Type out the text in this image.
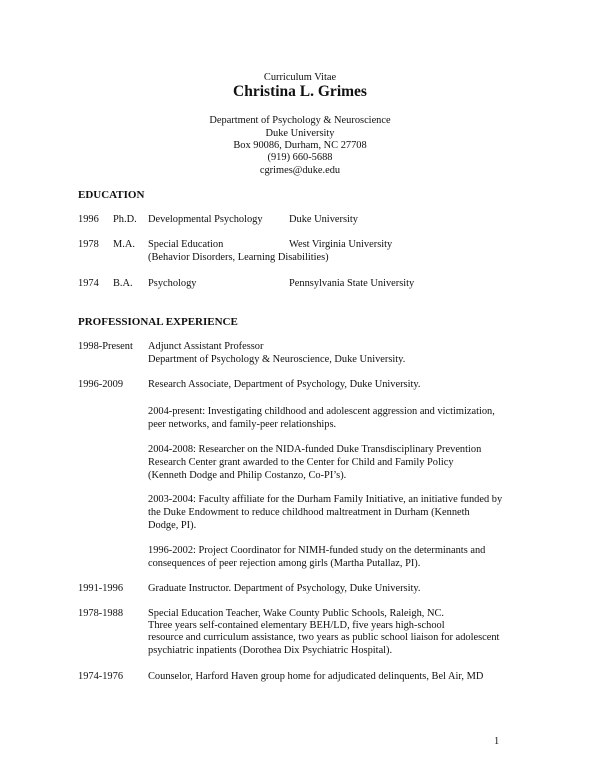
Curriculum Vitae
Christina L. Grimes
Department of Psychology & Neuroscience
Duke University
Box 90086, Durham, NC 27708
(919) 660-5688
cgrimes@duke.edu
EDUCATION
1996 Ph.D. Developmental Psychology	Duke University
1978 M.A. Special Education	West Virginia University
(Behavior Disorders, Learning Disabilities)
1974 B.A. Psychology	Pennsylvania State University
PROFESSIONAL EXPERIENCE
1998-Present Adjunct Assistant Professor
Department of Psychology & Neuroscience, Duke University.
1996-2009 Research Associate, Department of Psychology, Duke University.
2004-present: Investigating childhood and adolescent aggression and victimization,
peer networks, and family-peer relationships.
2004-2008: Researcher on the NIDA-funded Duke Transdisciplinary Prevention
Research Center grant awarded to the Center for Child and Family Policy
(Kenneth Dodge and Philip Costanzo, Co-PI’s).
2003-2004: Faculty affiliate for the Durham Family Initiative, an initiative funded by
the Duke Endowment to reduce childhood maltreatment in Durham (Kenneth
Dodge, PI).
1996-2002: Project Coordinator for NIMH-funded study on the determinants and
consequences of peer rejection among girls (Martha Putallaz, PI).
1991-1996 Graduate Instructor. Department of Psychology, Duke University.
1978-1988 Special Education Teacher, Wake County Public Schools, Raleigh, NC.
Three years self-contained elementary BEH/LD, five years high-school
resource and curriculum assistance, two years as public school liaison for adolescent
psychiatric inpatients (Dorothea Dix Psychiatric Hospital).
1974-1976 Counselor, Harford Haven group home for adjudicated delinquents, Bel Air, MD
1
